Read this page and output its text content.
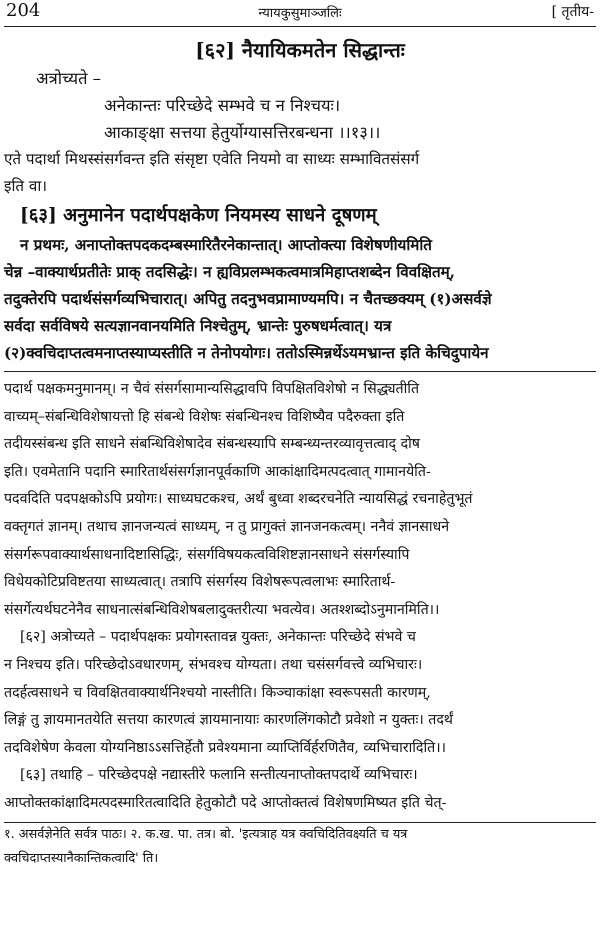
204	न्यायकुसुमाञ्जलिः	[ तृतीय-
[६२] नैयायिकमतेन सिद्धान्तः
अत्रोच्यते –
अनेकान्तः परिच्छेदे सम्भवे च न निश्चयः।
आकाङ्क्षा सत्तया हेतुर्योग्यासत्तिरबन्धना ।।१३।।
एते पदार्था मिथस्संसर्गवन्त इति संसृष्टा एवेति नियमो वा साध्यः सम्भावितसंसर्ग
इति वा।
[६३] अनुमानेन पदार्थपक्षकेण नियमस्य साधने दूषणम्
न प्रथमः, अनाप्तोक्तपदकदम्बस्मारितैरनेकान्तात्। आप्तोक्त्या विशेषणीयमिति
चेन्न –वाक्यार्थप्रतीतेः प्राक् तदसिद्धेः। न ह्यविप्रलम्भकत्वमात्रमिहाप्तशब्देन विवक्षितम्,
तदुक्तेरपि पदार्थसंसर्गव्यभिचारात्। अपितु तदनुभवप्रामाण्यमपि। न चैतच्छक्यम् (१)असर्वज्ञे
सर्वदा सर्वविषये सत्यज्ञानवानयमिति निश्चेतुम्, भ्रान्तेः पुरुषधर्मत्वात्। यत्र
(२)क्वचिदाप्तत्वमनाप्तस्याप्यस्तीति न तेनोपयोगः। ततोऽस्मिन्नर्थेऽयमभ्रान्त इति केचिदुपायेन
पदार्थ पक्षकमनुमानम्। न चैवं संसर्गसामान्यसिद्धावपि विपक्षितविशेषो न सिद्ध्यतीति
वाच्यम्–संबन्धिविशेषायत्तो हि संबन्धे विशेषः संबन्धिनश्च विशिष्यैव पदैरुक्ता इति
तदीयस्संबन्ध इति साधने संबन्धिविशेषादेव संबन्धस्यापि सम्बन्ध्यन्तरव्यावृत्तत्वाद् दोष
इति। एवमेतानि पदानि स्मारितार्थसंसर्गज्ञानपूर्वकाणि आकांक्षादिमत्पदत्वात् गामानयेति-
पदवदिति पदपक्षकोऽपि प्रयोगः। साध्यघटकश्च, अर्थं बुध्वा शब्दरचनेति न्यायसिद्धं रचनाहेतुभूतं
वक्तृगतं ज्ञानम्। तथाच ज्ञानजन्यत्वं साध्यम्, न तु प्रागुक्तं ज्ञानजनकत्वम्। ननैवं ज्ञानसाधने
संसर्गरूपवाक्यार्थसाधनादिष्टासिद्धिः, संसर्गविषयकत्वविशिष्टज्ञानसाधने संसर्गस्यापि
विधेयकोटिप्रविष्टतया साध्यत्वात्। तत्रापि संसर्गस्य विशेषरूपत्वलाभः स्मारितार्थ-
संसर्गेत्यर्थघटनेनैव साधनात्संबन्धिविशेषबलादुक्तरीत्या भवत्येव। अतश्शब्दोऽनुमानमिति।।
[६२] अत्रोच्यते – पदार्थपक्षकः प्रयोगस्तावन्न युक्तः, अनेकान्तः परिच्छेदे संभवे च
न निश्चय इति। परिच्छेदोऽवधारणम्, संभवश्च योग्यता। तथा चसंसर्गवत्त्वे व्यभिचारः।
तदर्हत्वसाधने च विवक्षितवाक्यार्थनिश्चयो नास्तीति। किञ्चाकांक्षा स्वरूपसती कारणम्,
लिङ्गं तु ज्ञायमानतयेति सत्तया कारणत्वं ज्ञायमानायाः कारणलिंगकोटौ प्रवेशो न युक्तः। तदर्थं
तदविशेषेण केवला योग्यनिष्ठाऽऽसत्तिर्हेतौ प्रवेश्यमाना व्याप्तिर्विर्हरणितैव, व्यभिचारादिति।।
[६३] तथाहि – परिच्छेदपक्षे नद्यास्तीरे फलानि सन्तीत्यनाप्तोक्तपदार्थे व्यभिचारः।
आप्तोक्तकांक्षादिमत्पदस्मारितत्वादिति हेतुकोटौ पदे आप्तोक्तत्वं विशेषणमिष्यत इति चेत्-
१. असर्वज्ञेनेति सर्वत्र पाठः। २. क.ख. पा. तत्र। बो. 'इत्यत्राह यत्र क्वचिदितिवक्ष्यति च यत्र
क्वचिदाप्तस्यानैकान्तिकत्वादि' ति।
